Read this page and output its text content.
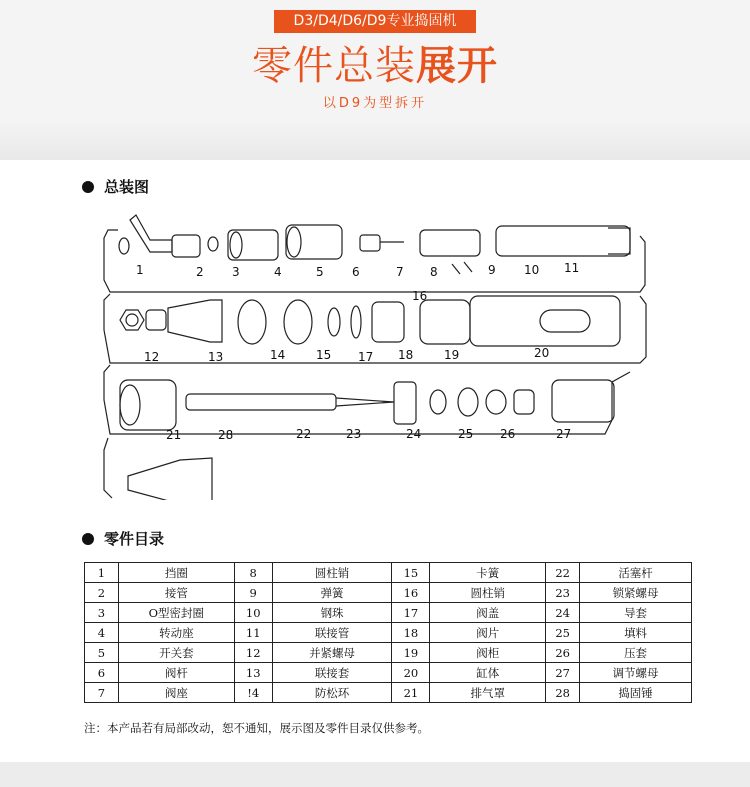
D3/D4/D6/D9专业捣固机
零件总装展开
以D9为型拆开
总装图
1	2 3	4	5 6	7 8	9 10 11
16
12	13	14	15 17 18	19	20
21	28	22	23	24	25 26	27
零件目录
1	挡圈	8	圆柱销	15	卡簧	22	活塞杆
2	接管	9	弹簧	16	圆柱销	23	锁紧螺母
3	O型密封圈	10	钢珠	17	阀盖	24	导套
4	转动座	11	联接管	18	阀片	25	填料
5	开关套	12	并紧螺母	19	阀柜	26	压套
6	阀杆	13	联接套	20	缸体	27	调节螺母
7	阀座	!4	防松环	21	排气罩	28	捣固锤
注：本产品若有局部改动，恕不通知，展示图及零件目录仅供参考。
